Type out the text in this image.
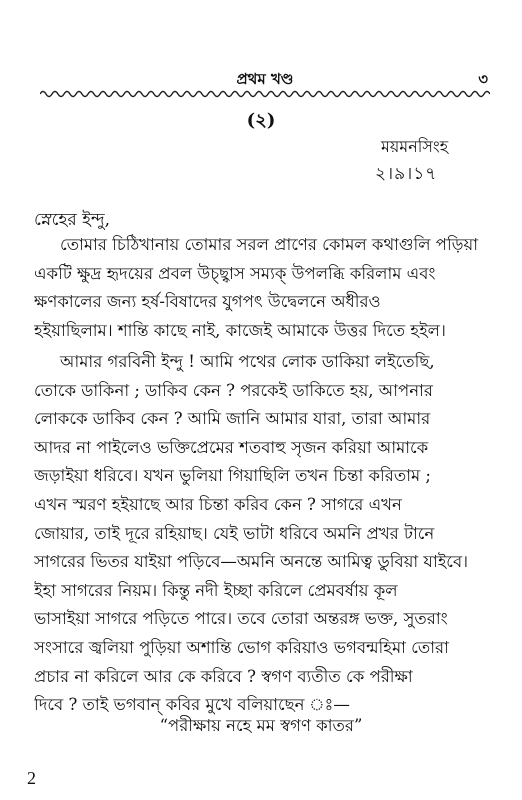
প্রথম খণ্ড	৩
(২)
ময়মনসিংহ
২।৯।১৭
স্নেহের ইন্দু,
তোমার চিঠিখানায় তোমার সরল প্রাণের কোমল কথাগুলি পড়িয়া
একটি ক্ষুদ্র হৃদয়ের প্রবল উচ্ছ্বাস সম্যক্ উপলব্ধি করিলাম এবং
ক্ষণকালের জন্য হর্ষ-বিষাদের যুগপৎ উদ্বেলনে অধীরও
হইয়াছিলাম। শান্তি কাছে নাই, কাজেই আমাকে উত্তর দিতে হইল।
আমার গরবিনী ইন্দু ! আমি পথের লোক ডাকিয়া লইতেছি,
তোকে ডাকিনা ; ডাকিব কেন ? পরকেই ডাকিতে হয়, আপনার
লোককে ডাকিব কেন ? আমি জানি আমার যারা, তারা আমার
আদর না পাইলেও ভক্তিপ্রেমের শতবাহু সৃজন করিয়া আমাকে
জড়াইয়া ধরিবে। যখন ভুলিয়া গিয়াছিলি তখন চিন্তা করিতাম ;
এখন স্মরণ হইয়াছে আর চিন্তা করিব কেন ? সাগরে এখন
জোয়ার, তাই দূরে রহিয়াছ। যেই ভাটা ধরিবে অমনি প্রখর টানে
সাগরের ভিতর যাইয়া পড়িবে—অমনি অনন্তে আমিত্ব ডুবিয়া যাইবে।
ইহা সাগরের নিয়ম। কিন্তু নদী ইচ্ছা করিলে প্রেমবর্ষায় কূল
ভাসাইয়া সাগরে পড়িতে পারে। তবে তোরা অন্তরঙ্গ ভক্ত, সুতরাং
সংসারে জ্বলিয়া পুড়িয়া অশান্তি ভোগ করিয়াও ভগবন্মহিমা তোরা
প্রচার না করিলে আর কে করিবে ? স্বগণ ব্যতীত কে পরীক্ষা
দিবে ? তাই ভগবান্ কবির মুখে বলিয়াছেন ঃ—
“পরীক্ষায় নহে মম স্বগণ কাতর”
2
